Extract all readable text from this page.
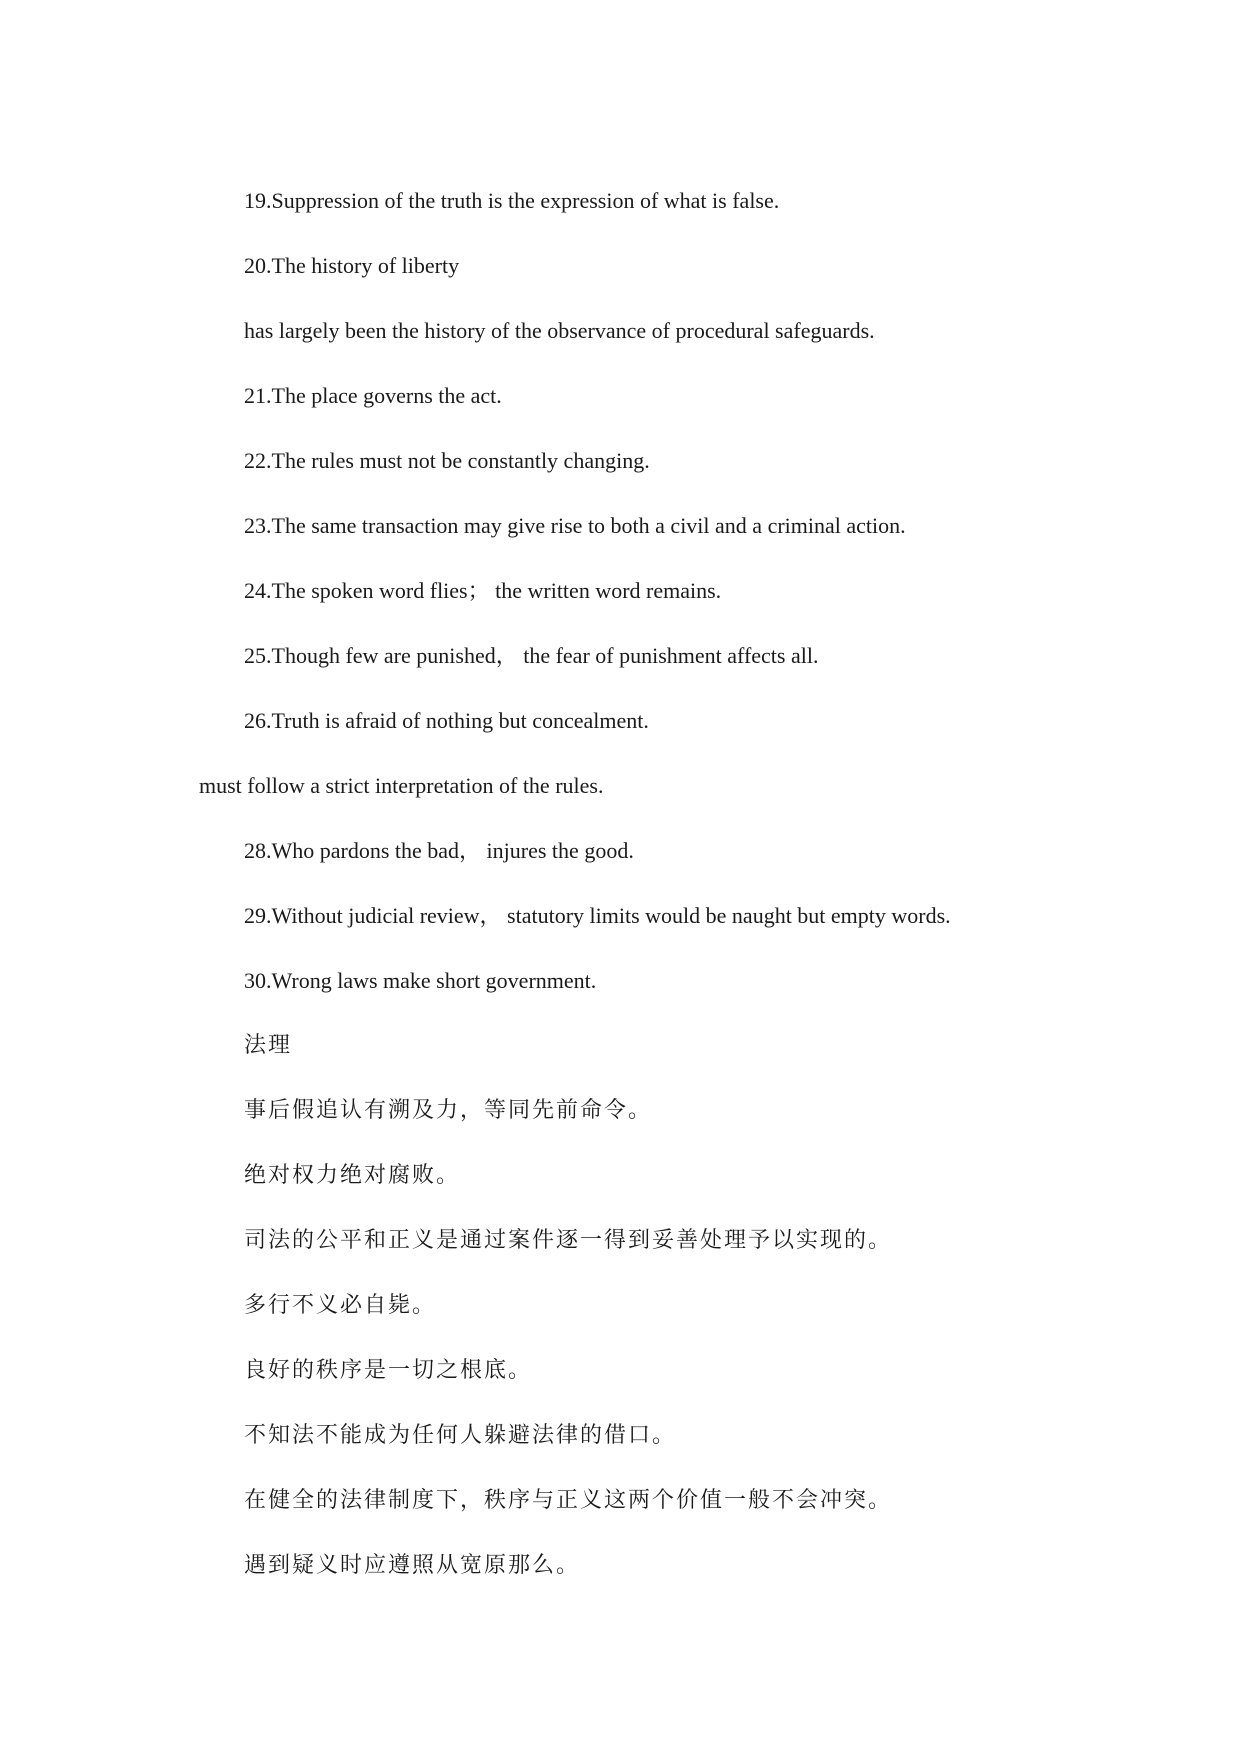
19.Suppression of the truth is the expression of what is false.
20.The history of liberty
has largely been the history of the observance of procedural safeguards.
21.The place governs the act.
22.The rules must not be constantly changing.
23.The same transaction may give rise to both a civil and a criminal action.
24.The spoken word flies； the written word remains.
25.Though few are punished， the fear of punishment affects all.
26.Truth is afraid of nothing but concealment.
must follow a strict interpretation of the rules.
28.Who pardons the bad， injures the good.
29.Without judicial review， statutory limits would be naught but empty words.
30.Wrong laws make short government.
法理
事后假追认有溯及力，等同先前命令。
绝对权力绝对腐败。
司法的公平和正义是通过案件逐一得到妥善处理予以实现的。
多行不义必自毙。
良好的秩序是一切之根底。
不知法不能成为任何人躲避法律的借口。
在健全的法律制度下，秩序与正义这两个价值一般不会冲突。
遇到疑义时应遵照从宽原那么。
